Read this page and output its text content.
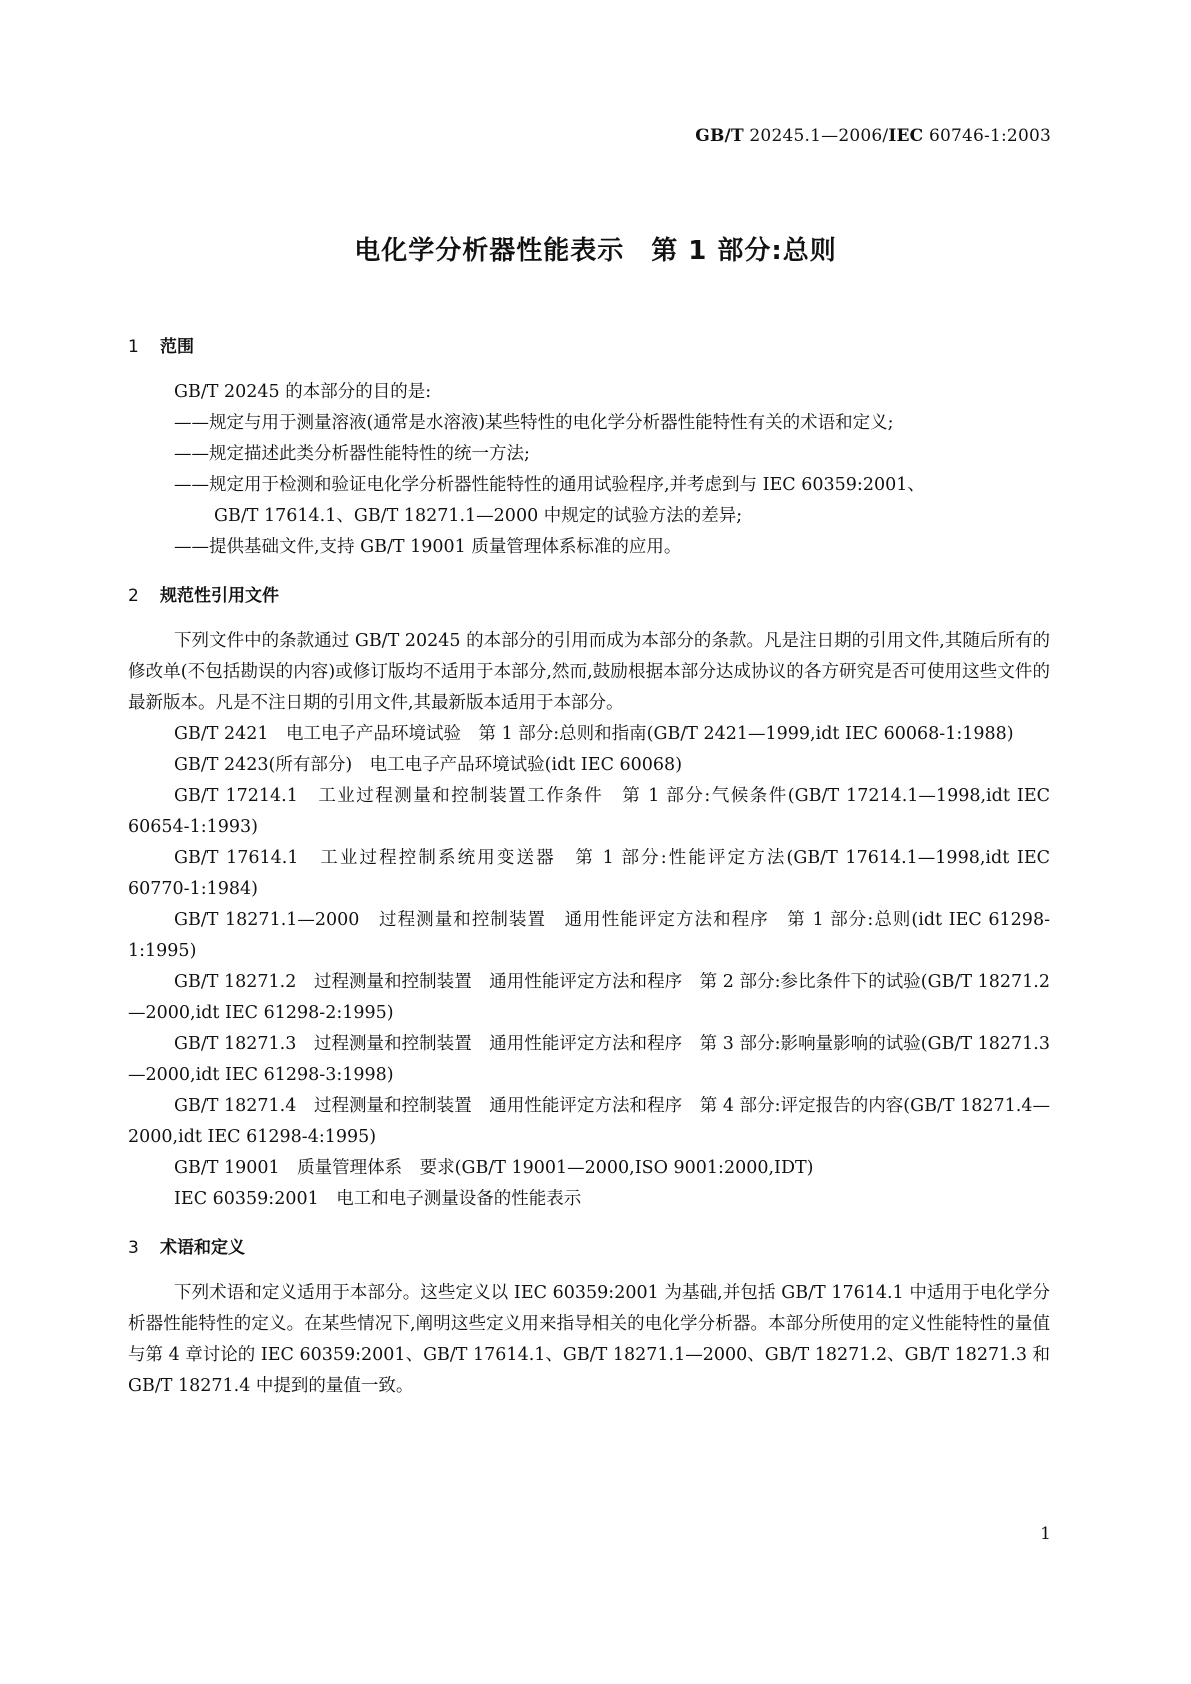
GB/T 20245.1—2006/IEC 60746-1:2003
电化学分析器性能表示　第 1 部分:总则
1 范围

GB/T 20245 的本部分的目的是:

——规定与用于测量溶液(通常是水溶液)某些特性的电化学分析器性能特性有关的术语和定义;

——规定描述此类分析器性能特性的统一方法;

——规定用于检测和验证电化学分析器性能特性的通用试验程序,并考虑到与 IEC 60359:2001、
GB/T 17614.1、GB/T 18271.1—2000 中规定的试验方法的差异;

——提供基础文件,支持 GB/T 19001 质量管理体系标准的应用。

2 规范性引用文件

下列文件中的条款通过 GB/T 20245 的本部分的引用而成为本部分的条款。凡是注日期的引用文件,其随后所有的修改单(不包括勘误的内容)或修订版均不适用于本部分,然而,鼓励根据本部分达成协议的各方研究是否可使用这些文件的最新版本。凡是不注日期的引用文件,其最新版本适用于本部分。

GB/T 2421　电工电子产品环境试验　第 1 部分:总则和指南(GB/T 2421—1999,idt IEC 60068-1:1988)

GB/T 2423(所有部分)　电工电子产品环境试验(idt IEC 60068)

GB/T 17214.1　工业过程测量和控制装置工作条件　第 1 部分:气候条件(GB/T 17214.1—1998,idt IEC 60654-1:1993)

GB/T 17614.1　工业过程控制系统用变送器　第 1 部分:性能评定方法(GB/T 17614.1—1998,idt IEC 60770-1:1984)

GB/T 18271.1—2000　过程测量和控制装置　通用性能评定方法和程序　第 1 部分:总则(idt IEC 61298-1:1995)

GB/T 18271.2　过程测量和控制装置　通用性能评定方法和程序　第 2 部分:参比条件下的试验(GB/T 18271.2—2000,idt IEC 61298-2:1995)

GB/T 18271.3　过程测量和控制装置　通用性能评定方法和程序　第 3 部分:影响量影响的试验(GB/T 18271.3—2000,idt IEC 61298-3:1998)

GB/T 18271.4　过程测量和控制装置　通用性能评定方法和程序　第 4 部分:评定报告的内容(GB/T 18271.4—2000,idt IEC 61298-4:1995)

GB/T 19001　质量管理体系　要求(GB/T 19001—2000,ISO 9001:2000,IDT)

IEC 60359:2001　电工和电子测量设备的性能表示

3 术语和定义

下列术语和定义适用于本部分。这些定义以 IEC 60359:2001 为基础,并包括 GB/T 17614.1 中适用于电化学分析器性能特性的定义。在某些情况下,阐明这些定义用来指导相关的电化学分析器。本部分所使用的定义性能特性的量值与第 4 章讨论的 IEC 60359:2001、GB/T 17614.1、GB/T 18271.1—2000、GB/T 18271.2、GB/T 18271.3 和 GB/T 18271.4 中提到的量值一致。

1
